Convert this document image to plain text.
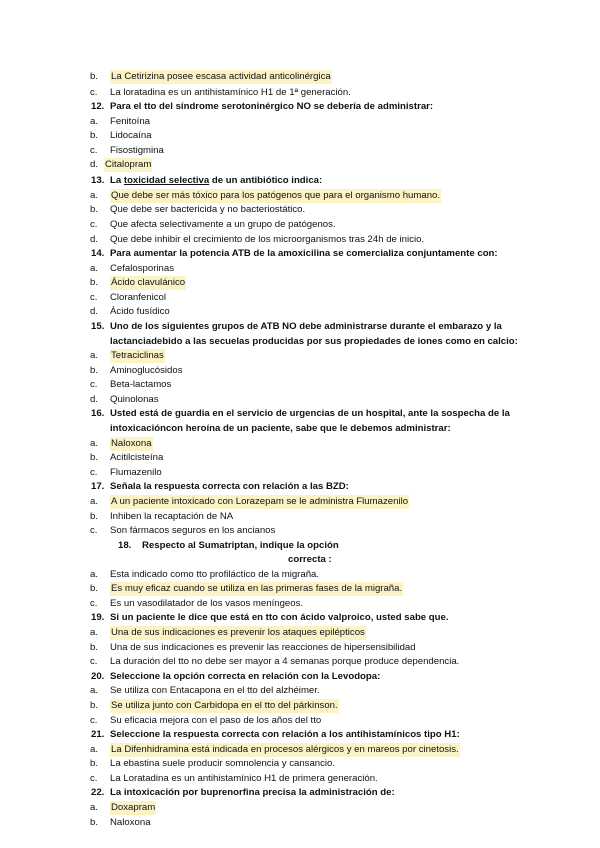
b. La Cetirizina posee escasa actividad anticolinérgica
c. La loratadina es un antihistamínico H1 de 1ª generación.
12. Para el tto del síndrome serotoninérgico NO se debería de administrar:
a. Fenitoína
b. Lidocaína
c. Fisostigmina
d. Citalopram
13. La toxicidad selectiva de un antibiótico indica:
a. Que debe ser más tóxico para los patógenos que para el organismo humano.
b. Que debe ser bactericida y no bacteriostático.
c. Que afecta selectivamente a un grupo de patógenos.
d. Que debe inhibir el crecimiento de los microorganismos tras 24h de inicio.
14. Para aumentar la potencia ATB de la amoxicilina se comercializa conjuntamente con:
a. Cefalosporinas
b. Ácido clavulánico
c. Cloranfenicol
d. Ácido fusídico
15. Uno de los siguientes grupos de ATB NO debe administrarse durante el embarazo y la
lactanciadebido a las secuelas producidas por sus propiedades de iones como en calcio:
a. Tetraciclinas
b. Aminoglucósidos
c. Beta-lactamos
d. Quinolonas
16. Usted está de guardia en el servicio de urgencias de un hospital, ante la sospecha de la
intoxicacióncon heroína de un paciente, sabe que le debemos administrar:
a. Naloxona
b. Acitilcisteína
c. Flumazenilo
17. Señala la respuesta correcta con relación a las BZD:
a. A un paciente intoxicado con Lorazepam se le administra Flumazenilo
b. Inhiben la recaptación de NA
c. Son fármacos seguros en los ancianos
18. Respecto al Sumatriptan, indique la opción
correcta :
a. Esta indicado como tto profiláctico de la migraña.
b. Es muy eficaz cuando se utiliza en las primeras fases de la migraña.
c. Es un vasodilatador de los vasos meníngeos.
19. Si un paciente le dice que está en tto con ácido valproico, usted sabe que.
a. Una de sus indicaciones es prevenir los ataques epilépticos
b. Una de sus indicaciones es prevenir las reacciones de hipersensibilidad
c. La duración del tto no debe ser mayor a 4 semanas porque produce dependencia.
20. Seleccione la opción correcta en relación con la Levodopa:
a. Se utiliza con Entacapona en el tto del alzhéimer.
b. Se utiliza junto con Carbidopa en el tto del párkinson.
c. Su eficacia mejora con el paso de los años del tto
21. Seleccione la respuesta correcta con relación a los antihistamínicos tipo H1:
a. La Difenhidramina está indicada en procesos alérgicos y en mareos por cinetosis.
b. La ebastina suele producir somnolencia y cansancio.
c. La Loratadina es un antihistamínico H1 de primera generación.
22. La intoxicación por buprenorfina precisa la administración de:
a. Doxapram
b. Naloxona
